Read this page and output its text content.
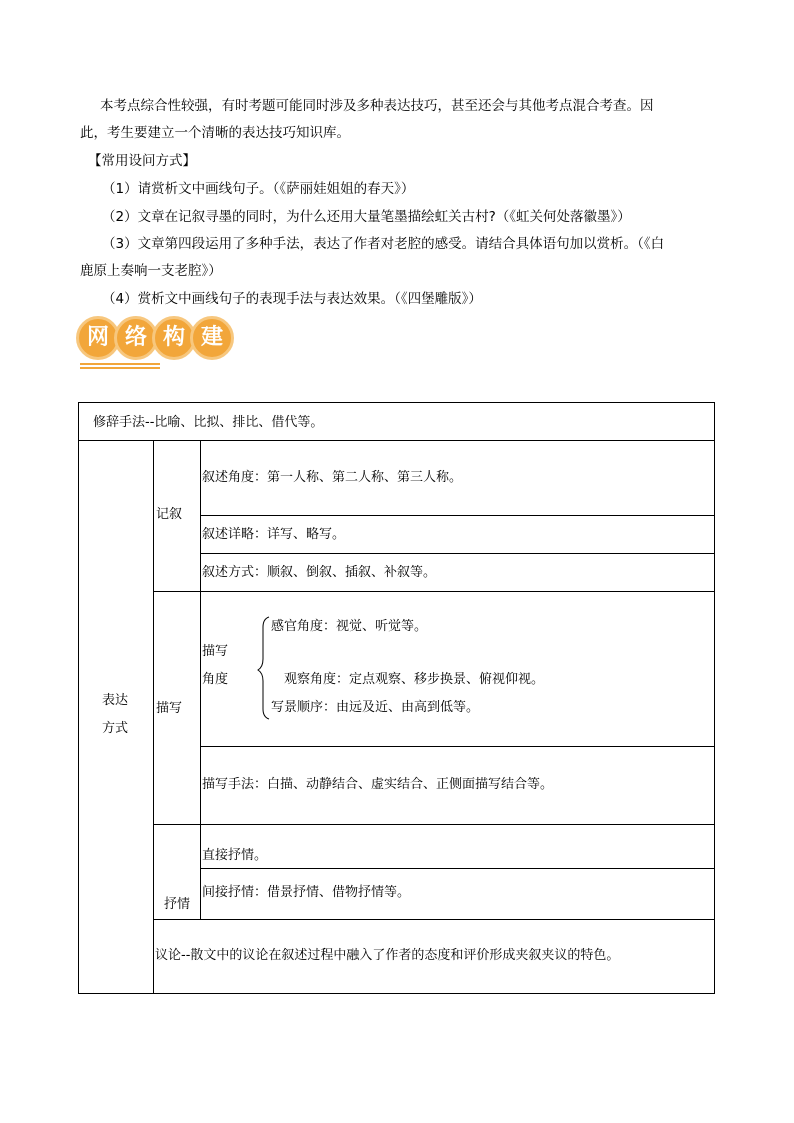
本考点综合性较强，有时考题可能同时涉及多种表达技巧，甚至还会与其他考点混合考查。因
此，考生要建立一个清晰的表达技巧知识库。
【常用设问方式】
（1）请赏析文中画线句子。（《萨丽娃姐姐的春天》）
（2）文章在记叙寻墨的同时，为什么还用大量笔墨描绘虹关古村?（《虹关何处落徽墨》）
（3）文章第四段运用了多种手法，表达了作者对老腔的感受。请结合具体语句加以赏析。（《白
鹿原上奏响一支老腔》）
（4）赏析文中画线句子的表现手法与表达效果。（《四堡雕版》）
网 络 构 建
修辞手法--比喻、比拟、排比、借代等。
表达
方式
记叙
叙述角度：第一人称、第二人称、第三人称。
叙述详略：详写、略写。
叙述方式：顺叙、倒叙、插叙、补叙等。
描写
描写
角度
感官角度：视觉、听觉等。
观察角度：定点观察、移步换景、俯视仰视。
写景顺序：由远及近、由高到低等。
描写手法：白描、动静结合、虚实结合、正侧面描写结合等。
抒情
直接抒情。
间接抒情：借景抒情、借物抒情等。
议论--散文中的议论在叙述过程中融入了作者的态度和评价形成夹叙夹议的特色。
